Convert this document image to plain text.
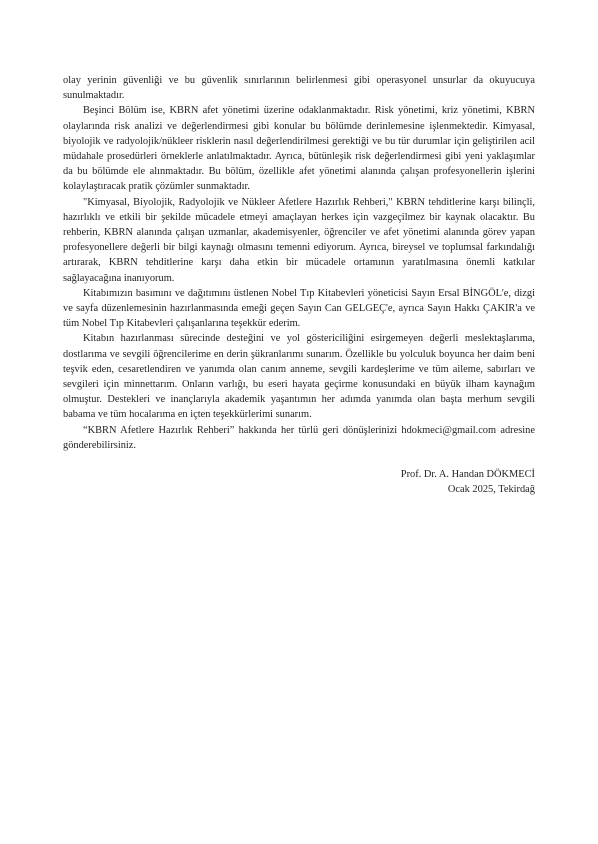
olay yerinin güvenliği ve bu güvenlik sınırlarının belirlenmesi gibi operasyonel unsurlar da okuyucuya sunulmaktadır.

Beşinci Bölüm ise, KBRN afet yönetimi üzerine odaklanmaktadır. Risk yönetimi, kriz yönetimi, KBRN olaylarında risk analizi ve değerlendirmesi gibi konular bu bölümde derinlemesine işlenmektedir. Kimyasal, biyolojik ve radyolojik/nükleer risklerin nasıl değerlendirilmesi gerektiği ve bu tür durumlar için geliştirilen acil müdahale prosedürleri örneklerle anlatılmaktadır. Ayrıca, bütünleşik risk değerlendirmesi gibi yeni yaklaşımlar da bu bölümde ele alınmaktadır. Bu bölüm, özellikle afet yönetimi alanında çalışan profesyonellerin işlerini kolaylaştıracak pratik çözümler sunmaktadır.

"Kimyasal, Biyolojik, Radyolojik ve Nükleer Afetlere Hazırlık Rehberi," KBRN tehditlerine karşı bilinçli, hazırlıklı ve etkili bir şekilde mücadele etmeyi amaçlayan herkes için vazgeçilmez bir kaynak olacaktır. Bu rehberin, KBRN alanında çalışan uzmanlar, akademisyenler, öğrenciler ve afet yönetimi alanında görev yapan profesyonellere değerli bir bilgi kaynağı olmasını temenni ediyorum. Ayrıca, bireysel ve toplumsal farkındalığı artırarak, KBRN tehditlerine karşı daha etkin bir mücadele ortamının yaratılmasına önemli katkılar sağlayacağına inanıyorum.

Kitabımızın basımını ve dağıtımını üstlenen Nobel Tıp Kitabevleri yöneticisi Sayın Ersal BİNGÖL'e, dizgi ve sayfa düzenlemesinin hazırlanmasında emeği geçen Sayın Can GELGEÇ'e, ayrıca Sayın Hakkı ÇAKIR'a ve tüm Nobel Tıp Kitabevleri çalışanlarına teşekkür ederim.

Kitabın hazırlanması sürecinde desteğini ve yol göstericiliğini esirgemeyen değerli meslektaşlarıma, dostlarıma ve sevgili öğrencilerime en derin şükranlarımı sunarım. Özellikle bu yolculuk boyunca her daim beni teşvik eden, cesaretlendiren ve yanımda olan canım anneme, sevgili kardeşlerime ve tüm aileme, sabırları ve sevgileri için minnettarım. Onların varlığı, bu eseri hayata geçirme konusundaki en büyük ilham kaynağım olmuştur. Destekleri ve inançlarıyla akademik yaşantımın her adımda yanımda olan başta merhum sevgili babama ve tüm hocalarıma en içten teşekkürlerimi sunarım.

“KBRN Afetlere Hazırlık Rehberi” hakkında her türlü geri dönüşlerinizi hdokmeci@gmail.com adresine gönderebilirsiniz.

Prof. Dr. A. Handan DÖKMECİ
Ocak 2025, Tekirdağ
